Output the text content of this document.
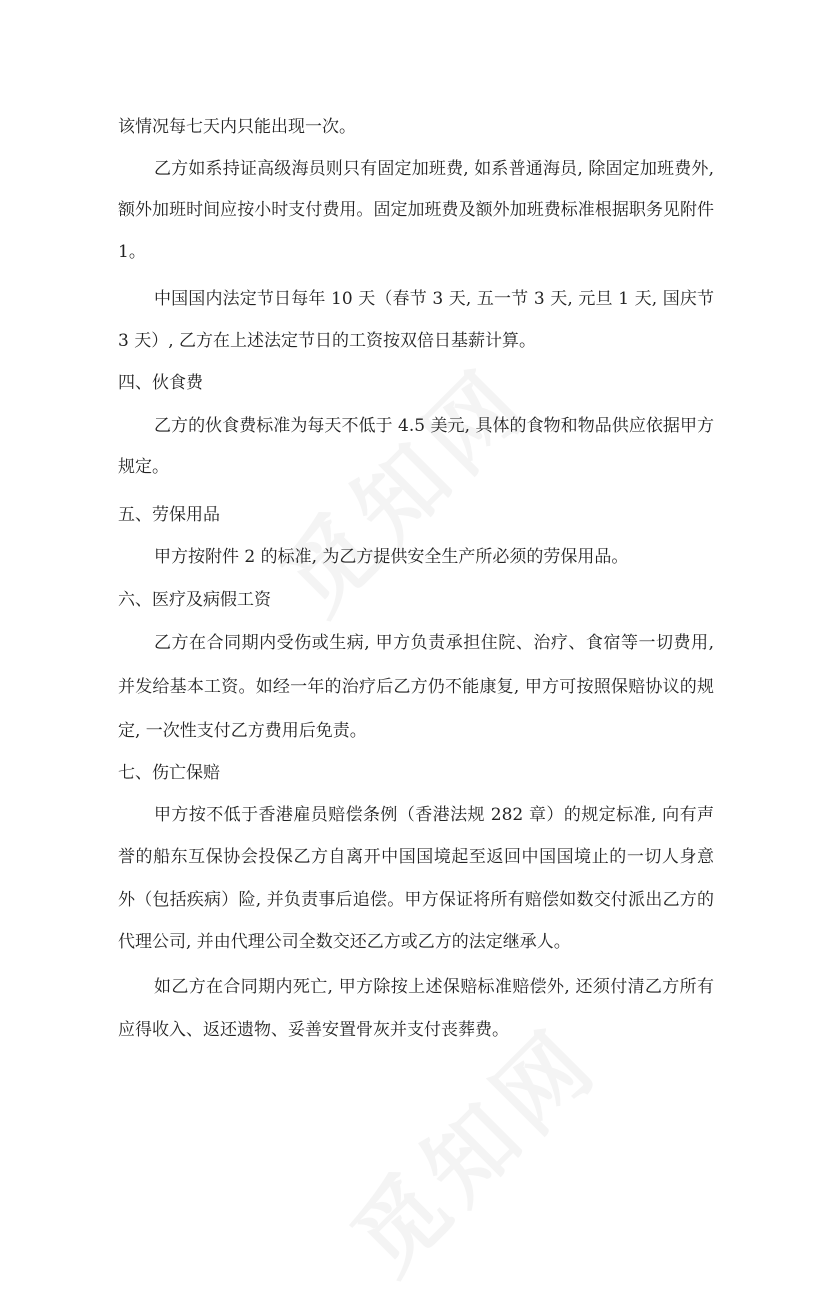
该情况每七天内只能出现一次。
乙方如系持证高级海员则只有固定加班费, 如系普通海员, 除固定加班费外,
额外加班时间应按小时支付费用。固定加班费及额外加班费标准根据职务见附件
1。
中国国内法定节日每年 10 天（春节 3 天, 五一节 3 天, 元旦 1 天, 国庆节
3 天）, 乙方在上述法定节日的工资按双倍日基薪计算。
四、伙食费
乙方的伙食费标准为每天不低于 4.5 美元, 具体的食物和物品供应依据甲方
规定。
五、劳保用品
甲方按附件 2 的标准, 为乙方提供安全生产所必须的劳保用品。
六、医疗及病假工资
乙方在合同期内受伤或生病, 甲方负责承担住院、治疗、食宿等一切费用,
并发给基本工资。如经一年的治疗后乙方仍不能康复, 甲方可按照保赔协议的规
定, 一次性支付乙方费用后免责。
七、伤亡保赔
甲方按不低于香港雇员赔偿条例（香港法规 282 章）的规定标准, 向有声
誉的船东互保协会投保乙方自离开中国国境起至返回中国国境止的一切人身意
外（包括疾病）险, 并负责事后追偿。甲方保证将所有赔偿如数交付派出乙方的
代理公司, 并由代理公司全数交还乙方或乙方的法定继承人。
如乙方在合同期内死亡, 甲方除按上述保赔标准赔偿外, 还须付清乙方所有
应得收入、返还遗物、妥善安置骨灰并支付丧葬费。
